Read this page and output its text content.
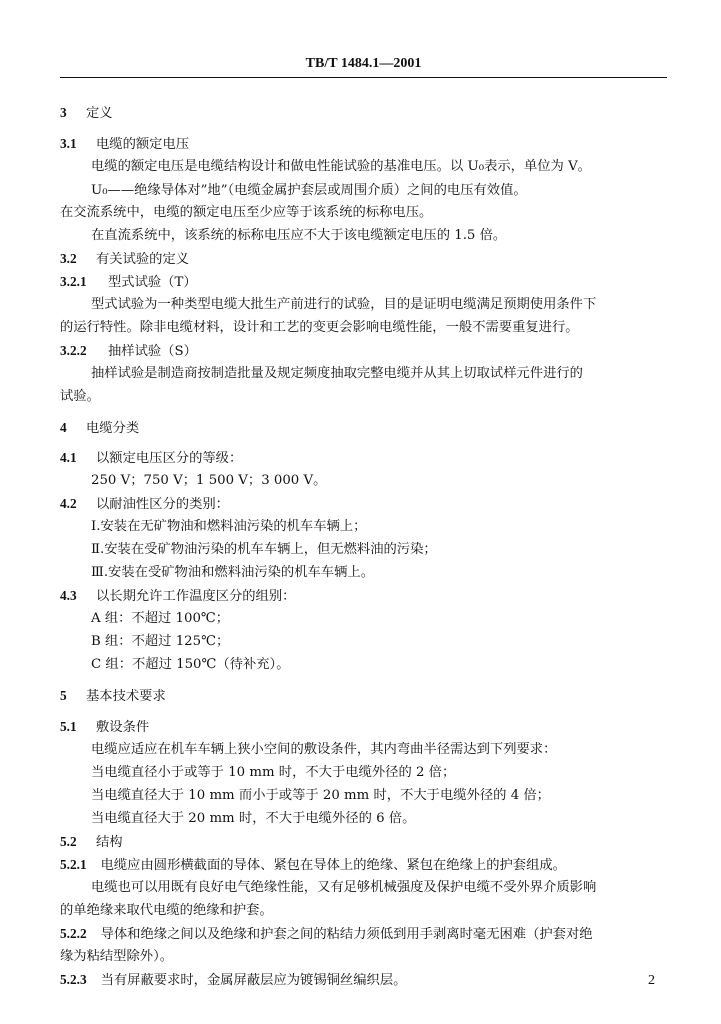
TB/T 1484.1—2001
3 定义
3.1 电缆的额定电压
电缆的额定电压是电缆结构设计和做电性能试验的基准电压。以 U₀表示，单位为 V。
U₀——绝缘导体对”地”（电缆金属护套层或周围介质）之间的电压有效值。
在交流系统中，电缆的额定电压至少应等于该系统的标称电压。
在直流系统中，该系统的标称电压应不大于该电缆额定电压的 1.5 倍。
3.2 有关试验的定义
3.2.1 型式试验（T）
型式试验为一种类型电缆大批生产前进行的试验，目的是证明电缆满足预期使用条件下
的运行特性。除非电缆材料，设计和工艺的变更会影响电缆性能，一般不需要重复进行。
3.2.2 抽样试验（S）
抽样试验是制造商按制造批量及规定频度抽取完整电缆并从其上切取试样元件进行的
试验。
4 电缆分类
4.1 以额定电压区分的等级：
250 V；750 V；1 500 V；3 000 V。
4.2 以耐油性区分的类别：
Ⅰ.安装在无矿物油和燃料油污染的机车车辆上；
Ⅱ.安装在受矿物油污染的机车车辆上，但无燃料油的污染；
Ⅲ.安装在受矿物油和燃料油污染的机车车辆上。
4.3 以长期允许工作温度区分的组别：
A 组：不超过 100℃；
B 组：不超过 125℃；
C 组：不超过 150℃（待补充）。
5 基本技术要求
5.1 敷设条件
电缆应适应在机车车辆上狭小空间的敷设条件，其内弯曲半径需达到下列要求：
当电缆直径小于或等于 10 mm 时，不大于电缆外径的 2 倍；
当电缆直径大于 10 mm 而小于或等于 20 mm 时，不大于电缆外径的 4 倍；
当电缆直径大于 20 mm 时，不大于电缆外径的 6 倍。
5.2 结构
5.2.1 电缆应由圆形横截面的导体、紧包在导体上的绝缘、紧包在绝缘上的护套组成。
电缆也可以用既有良好电气绝缘性能，又有足够机械强度及保护电缆不受外界介质影响
的单绝缘来取代电缆的绝缘和护套。
5.2.2 导体和绝缘之间以及绝缘和护套之间的粘结力须低到用手剥离时毫无困难（护套对绝
缘为粘结型除外）。
5.2.3 当有屏蔽要求时，金属屏蔽层应为镀锡铜丝编织层。	2
